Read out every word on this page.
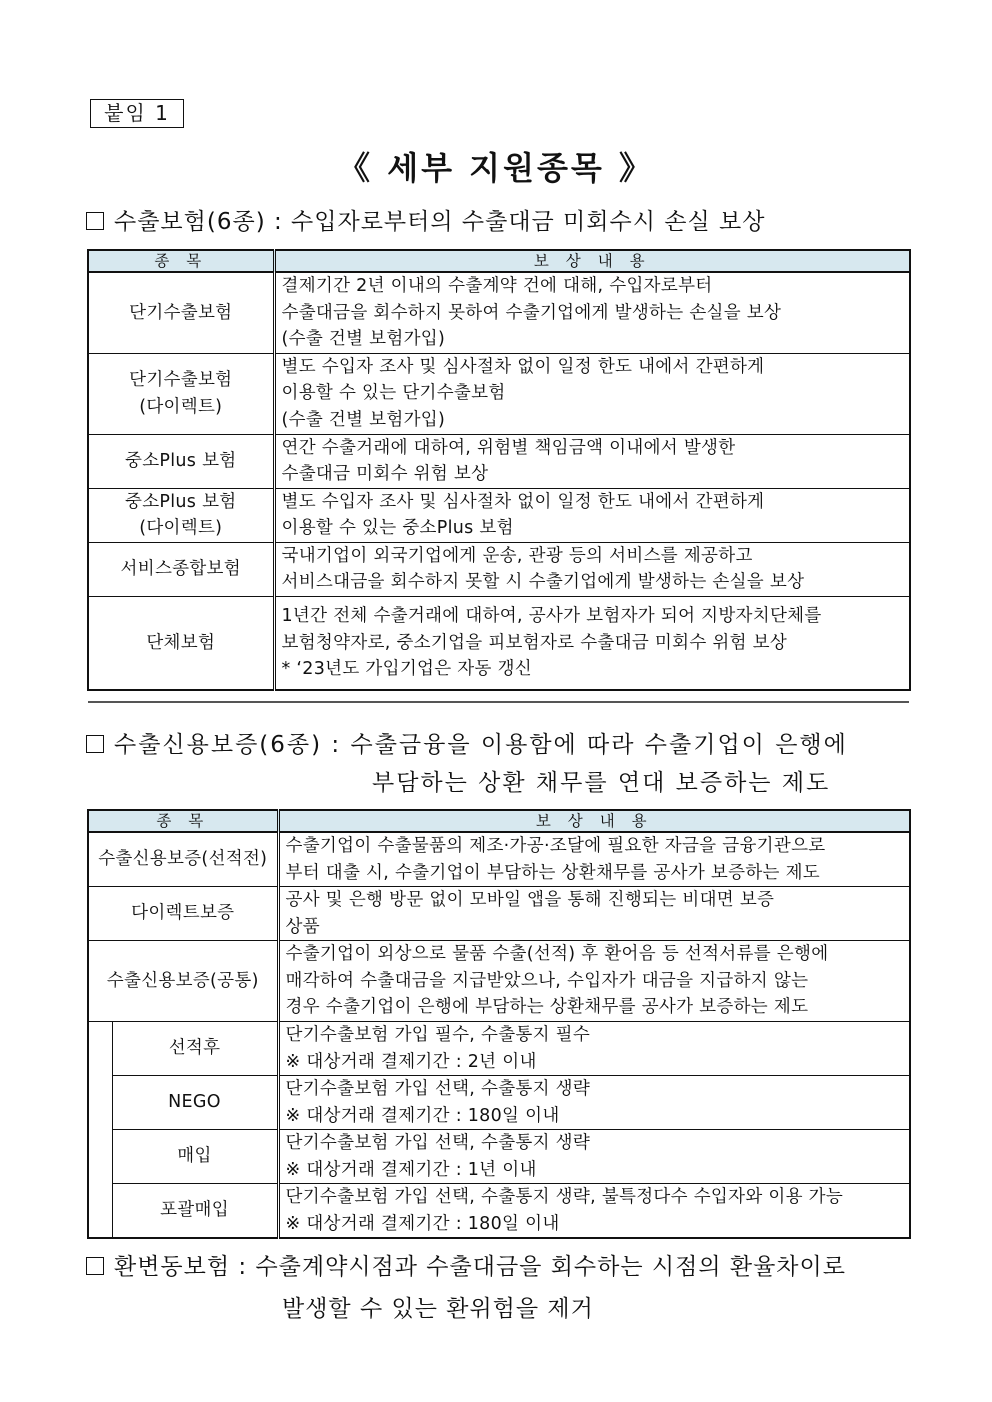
붙임 1
《 세부 지원종목 》
수출보험(6종) : 수입자로부터의 수출대금 미회수시 손실 보상
종 목	보 상 내 용
단기수출보험	결제기간 2년 이내의 수출계약 건에 대해, 수입자로부터
수출대금을 회수하지 못하여 수출기업에게 발생하는 손실을 보상
(수출 건별 보험가입)
단기수출보험
(다이렉트)	별도 수입자 조사 및 심사절차 없이 일정 한도 내에서 간편하게
이용할 수 있는 단기수출보험
(수출 건별 보험가입)
중소Plus 보험	연간 수출거래에 대하여, 위험별 책임금액 이내에서 발생한
수출대금 미회수 위험 보상
중소Plus 보험
(다이렉트)	별도 수입자 조사 및 심사절차 없이 일정 한도 내에서 간편하게
이용할 수 있는 중소Plus 보험
서비스종합보험	국내기업이 외국기업에게 운송, 관광 등의 서비스를 제공하고
서비스대금을 회수하지 못할 시 수출기업에게 발생하는 손실을 보상
단체보험	1년간 전체 수출거래에 대하여, 공사가 보험자가 되어 지방자치단체를
보험청약자로, 중소기업을 피보험자로 수출대금 미회수 위험 보상
* ‘23년도 가입기업은 자동 갱신
수출신용보증(6종) : 수출금융을 이용함에 따라 수출기업이 은행에
부담하는 상환 채무를 연대 보증하는 제도
종 목		보 상 내 용
수출신용보증(선적전)		수출기업이 수출물품의 제조·가공·조달에 필요한 자금을 금융기관으로
부터 대출 시, 수출기업이 부담하는 상환채무를 공사가 보증하는 제도
다이렉트보증		공사 및 은행 방문 없이 모바일 앱을 통해 진행되는 비대면 보증
상품
수출신용보증(공통)		수출기업이 외상으로 물품 수출(선적) 후 환어음 등 선적서류를 은행에
매각하여 수출대금을 지급받았으나, 수입자가 대금을 지급하지 않는
경우 수출기업이 은행에 부담하는 상환채무를 공사가 보증하는 제도
	선적후	단기수출보험 가입 필수, 수출통지 필수
※ 대상거래 결제기간 : 2년 이내
	NEGO	단기수출보험 가입 선택, 수출통지 생략
※ 대상거래 결제기간 : 180일 이내
	매입	단기수출보험 가입 선택, 수출통지 생략
※ 대상거래 결제기간 : 1년 이내
	포괄매입	단기수출보험 가입 선택, 수출통지 생략, 불특정다수 수입자와 이용 가능
※ 대상거래 결제기간 : 180일 이내
환변동보험 : 수출계약시점과 수출대금을 회수하는 시점의 환율차이로
발생할 수 있는 환위험을 제거
